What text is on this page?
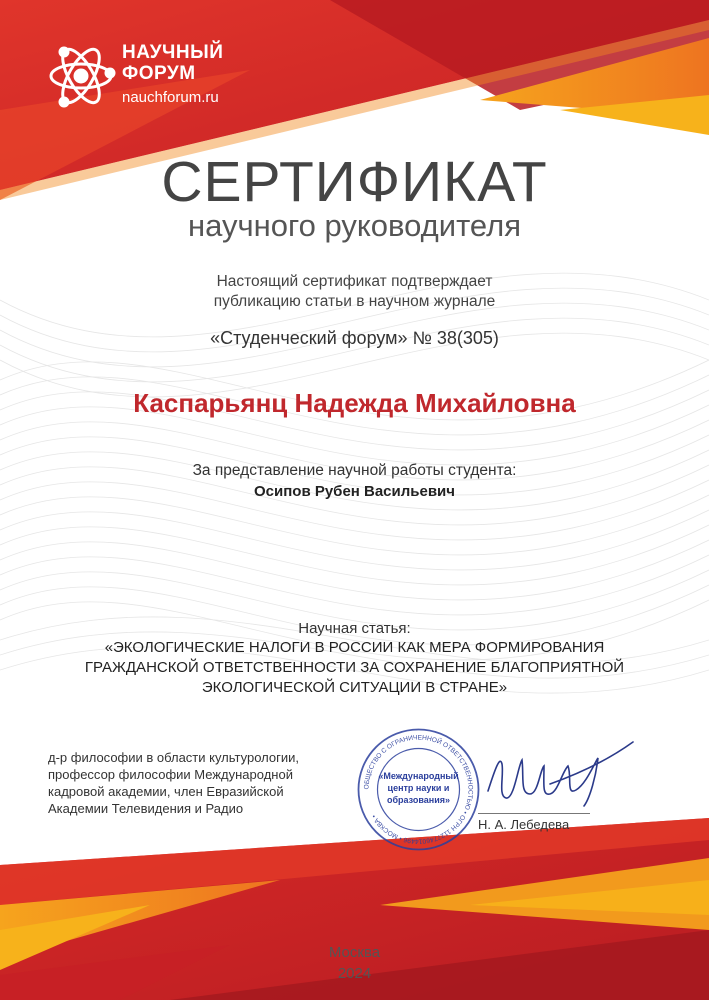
НАУЧНЫЙ
ФОРУМ
nauchforum.ru
СЕРТИФИКАТ
научного руководителя
Настоящий сертификат подтверждает
публикацию статьи в научном журнале
«Студенческий форум» № 38(305)
Каспарьянц Надежда Михайловна
За представление научной работы студента:
Осипов Рубен Васильевич
Научная статья:
«ЭКОЛОГИЧЕСКИЕ НАЛОГИ В РОССИИ КАК МЕРА ФОРМИРОВАНИЯ ГРАЖДАНСКОЙ ОТВЕТСТВЕННОСТИ ЗА СОХРАНЕНИЕ БЛАГОПРИЯТНОЙ ЭКОЛОГИЧЕСКОЙ СИТУАЦИИ В СТРАНЕ»
д-р философии в области культурологии,
профессор философии Международной
кадровой академии, член Евразийской
Академии Телевидения и Радио
ОБЩЕСТВО С ОГРАНИЧЕННОЙ ОТВЕТСТВЕННОСТЬЮ • ОГРН 1127746014496 • МОСКВА •
«Международный
центр науки и
образования»
Н. А. Лебедева
Москва
2024
